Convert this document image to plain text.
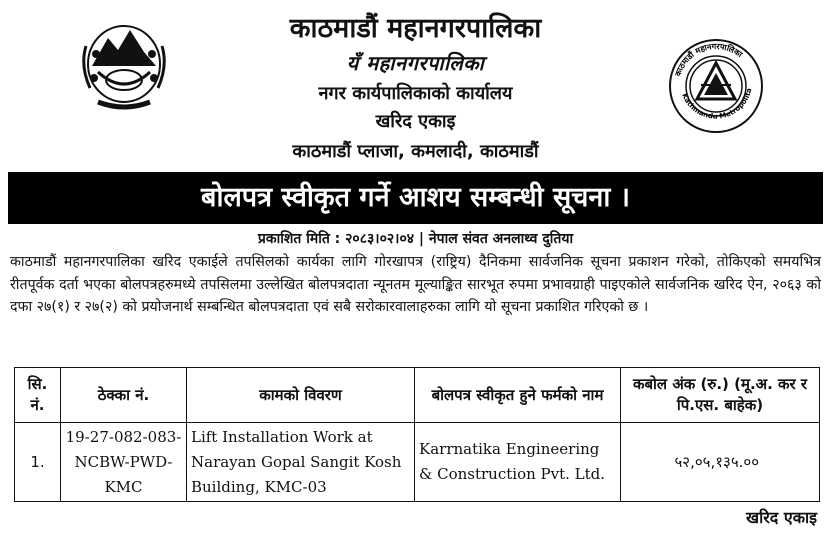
काठमाडौं महानगरपालिका
Kathmandu Metropolita
काठमाडौं महानगरपालिका
यँ महानगरपालिका
नगर कार्यपालिकाको कार्यालय
खरिद एकाइ
काठमाडौं प्लाजा, कमलादी, काठमाडौं
बोलपत्र स्वीकृत गर्ने आशय सम्बन्धी सूचना ।
प्रकाशित मिति : २०८३।०२।०४ | नेपाल संवत अनलाथ्व दुतिया
काठमाडौं महानगरपालिका खरिद एकाईले तपसिलको कार्यका लागि गोरखापत्र (राष्ट्रिय) दैनिकमा सार्वजनिक सूचना प्रकाशन गरेको, तोकिएको समयभित्र रीतपूर्वक दर्ता भएका बोलपत्रहरुमध्ये तपसिलमा उल्लेखित बोलपत्रदाता न्यूनतम मूल्याङ्कित सारभूत रुपमा प्रभावग्राही पाइएकोले सार्वजनिक खरिद ऐन, २०६३ को दफा २७(१) र २७(२) को प्रयोजनार्थ सम्बन्धित बोलपत्रदाता एवं सबै सरोकारवालाहरुका लागि यो सूचना प्रकाशित गरिएको छ ।
सि. नं.	ठेक्का नं.	कामको विवरण	बोलपत्र स्वीकृत हुने फर्मको नाम	कबोल अंक (रु.) (मू.अ. कर र पि.एस. बाहेक)
1.	19-27-082-083-NCBW-PWD-KMC	Lift Installation Work at Narayan Gopal Sangit Kosh Building, KMC-03	Karrnatika Engineering & Construction Pvt. Ltd.	५२,०५,१३५.००
खरिद एकाइ
